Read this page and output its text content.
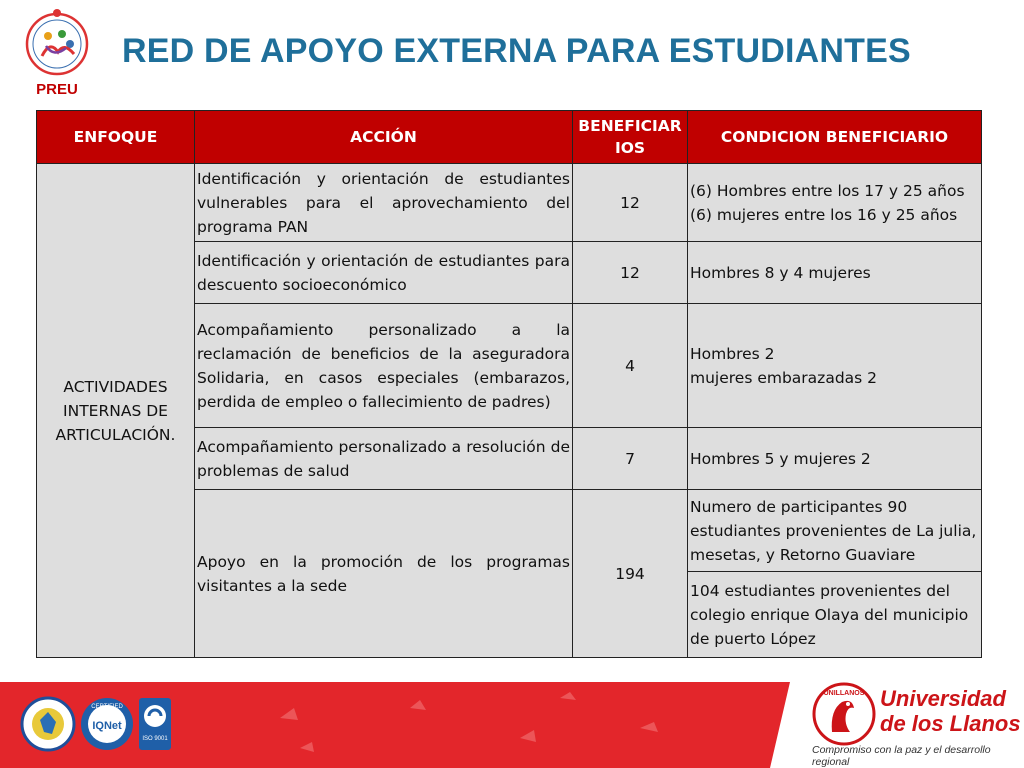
PREU
RED DE APOYO EXTERNA PARA ESTUDIANTES
ENFOQUE	ACCIÓN	BENEFICIARIOS	CONDICION BENEFICIARIO
ACTIVIDADES INTERNAS DE ARTICULACIÓN.	Identificación y orientación de estudiantes vulnerables para el aprovechamiento del programa PAN	12	(6) Hombres entre los 17 y 25 años
(6) mujeres entre los 16 y 25 años
	Identificación y orientación de estudiantes para descuento socioeconómico	12	Hombres 8 y 4 mujeres
	Acompañamiento personalizado a la reclamación de beneficios de la aseguradora Solidaria, en casos especiales (embarazos, perdida de empleo o fallecimiento de padres)	4	Hombres 2
mujeres embarazadas 2
	Acompañamiento personalizado a resolución de problemas de salud	7	Hombres 5 y mujeres 2
	Apoyo en la promoción de los programas visitantes a la sede	194	Numero de participantes 90 estudiantes provenientes de La julia, mesetas, y Retorno Guaviare
			104 estudiantes provenientes del colegio enrique Olaya del municipio de puerto López
CERTIFIED
IQNet
ISO 9001
UNILLANOS Universidad
de los Llanos
Compromiso con la paz y el desarrollo regional
